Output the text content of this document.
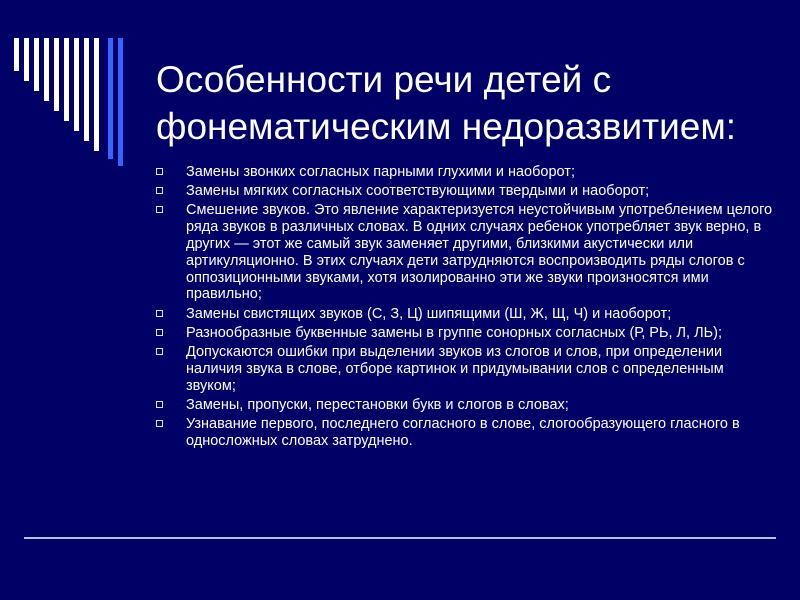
Особенности речи детей с
фонематическим недоразвитием:
Замены звонких согласных парными глухими и наоборот;
Замены мягких согласных соответствующими твердыми и наоборот;
Смешение звуков. Это явление характеризуется неустойчивым употреблением целого ряда звуков в различных словах. В одних случаях ребенок употребляет звук верно, в других — этот же самый звук заменяет другими, близкими акустически или артикуляционно. В этих случаях дети затрудняются воспроизводить ряды слогов с оппозиционными звуками, хотя изолированно эти же звуки произносятся ими правильно;
Замены свистящих звуков (С, З, Ц) шипящими (Ш, Ж, Щ, Ч) и наоборот;
Разнообразные буквенные замены в группе сонорных согласных (Р, РЬ, Л, ЛЬ);
Допускаются ошибки при выделении звуков из слогов и слов, при определении наличия звука в слове, отборе картинок и придумывании слов с определенным звуком;
Замены, пропуски, перестановки букв и слогов в словах;
Узнавание первого, последнего согласного в слове, слогообразующего гласного в односложных словах затруднено.
